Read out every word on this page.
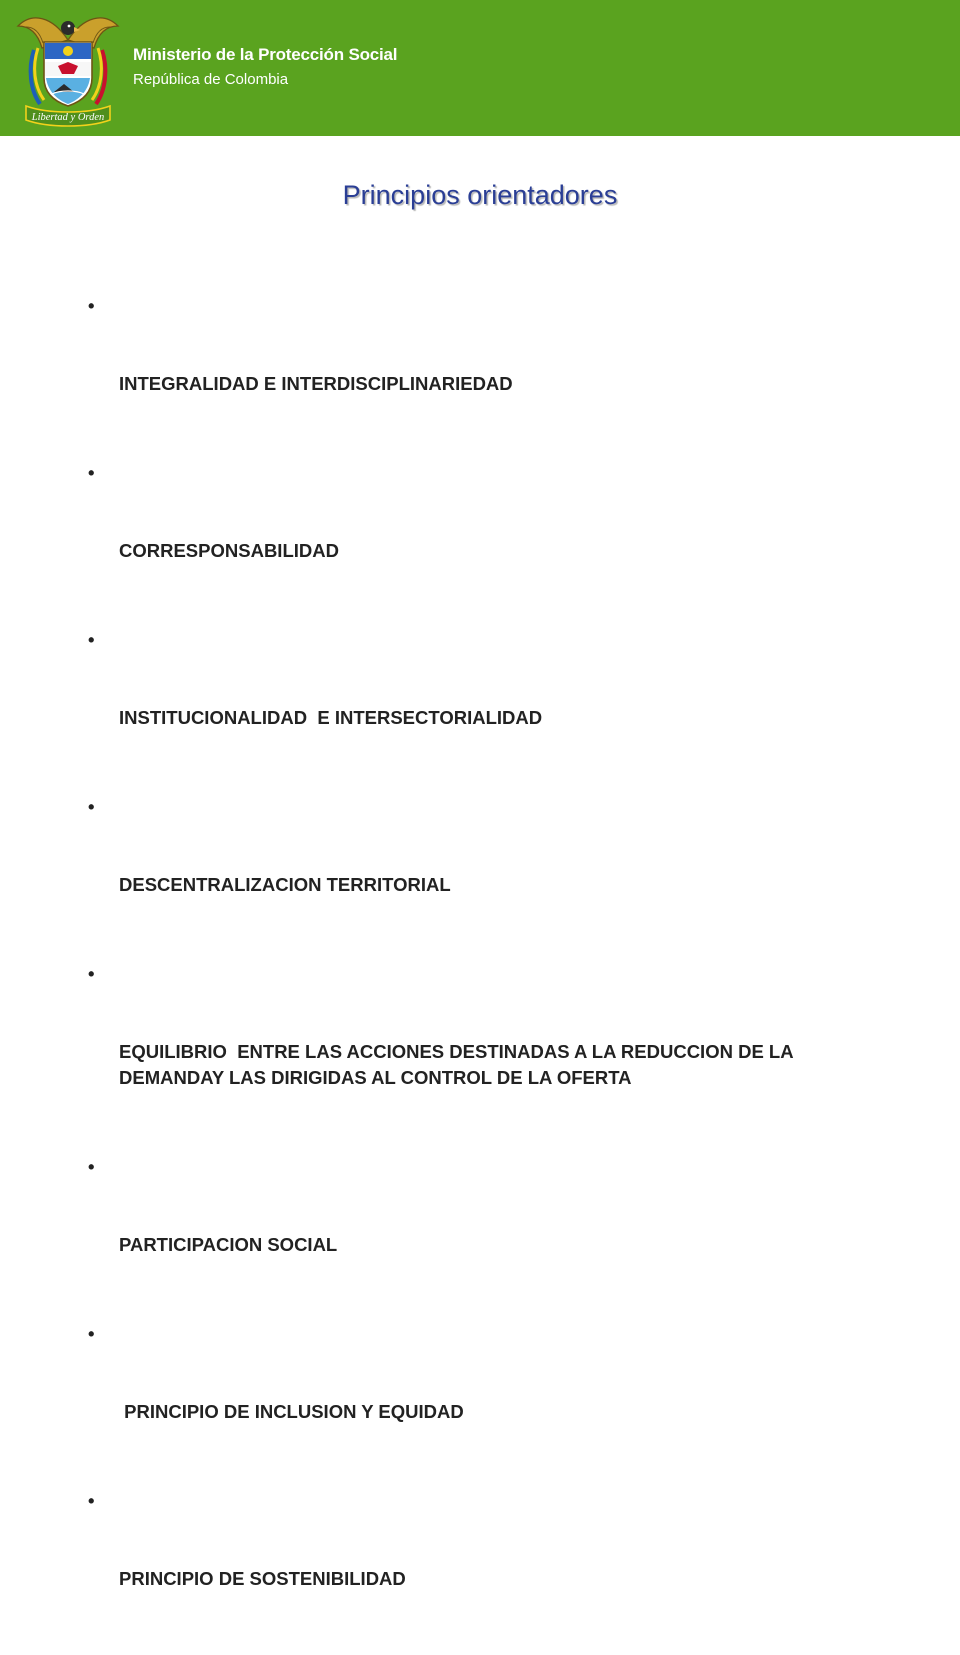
Libertad y Orden
Ministerio de la Protección Social
República de Colombia
Principios orientadores

•

INTEGRALIDAD E INTERDISCIPLINARIEDAD

•

CORRESPONSABILIDAD

•

INSTITUCIONALIDAD  E INTERSECTORIALIDAD

•

DESCENTRALIZACION TERRITORIAL

•

EQUILIBRIO  ENTRE LAS ACCIONES DESTINADAS A LA REDUCCION DE LA DEMANDAY LAS DIRIGIDAS AL CONTROL DE LA OFERTA

•

PARTICIPACION SOCIAL

•

PRINCIPIO DE INCLUSION Y EQUIDAD

•

PRINCIPIO DE SOSTENIBILIDAD
